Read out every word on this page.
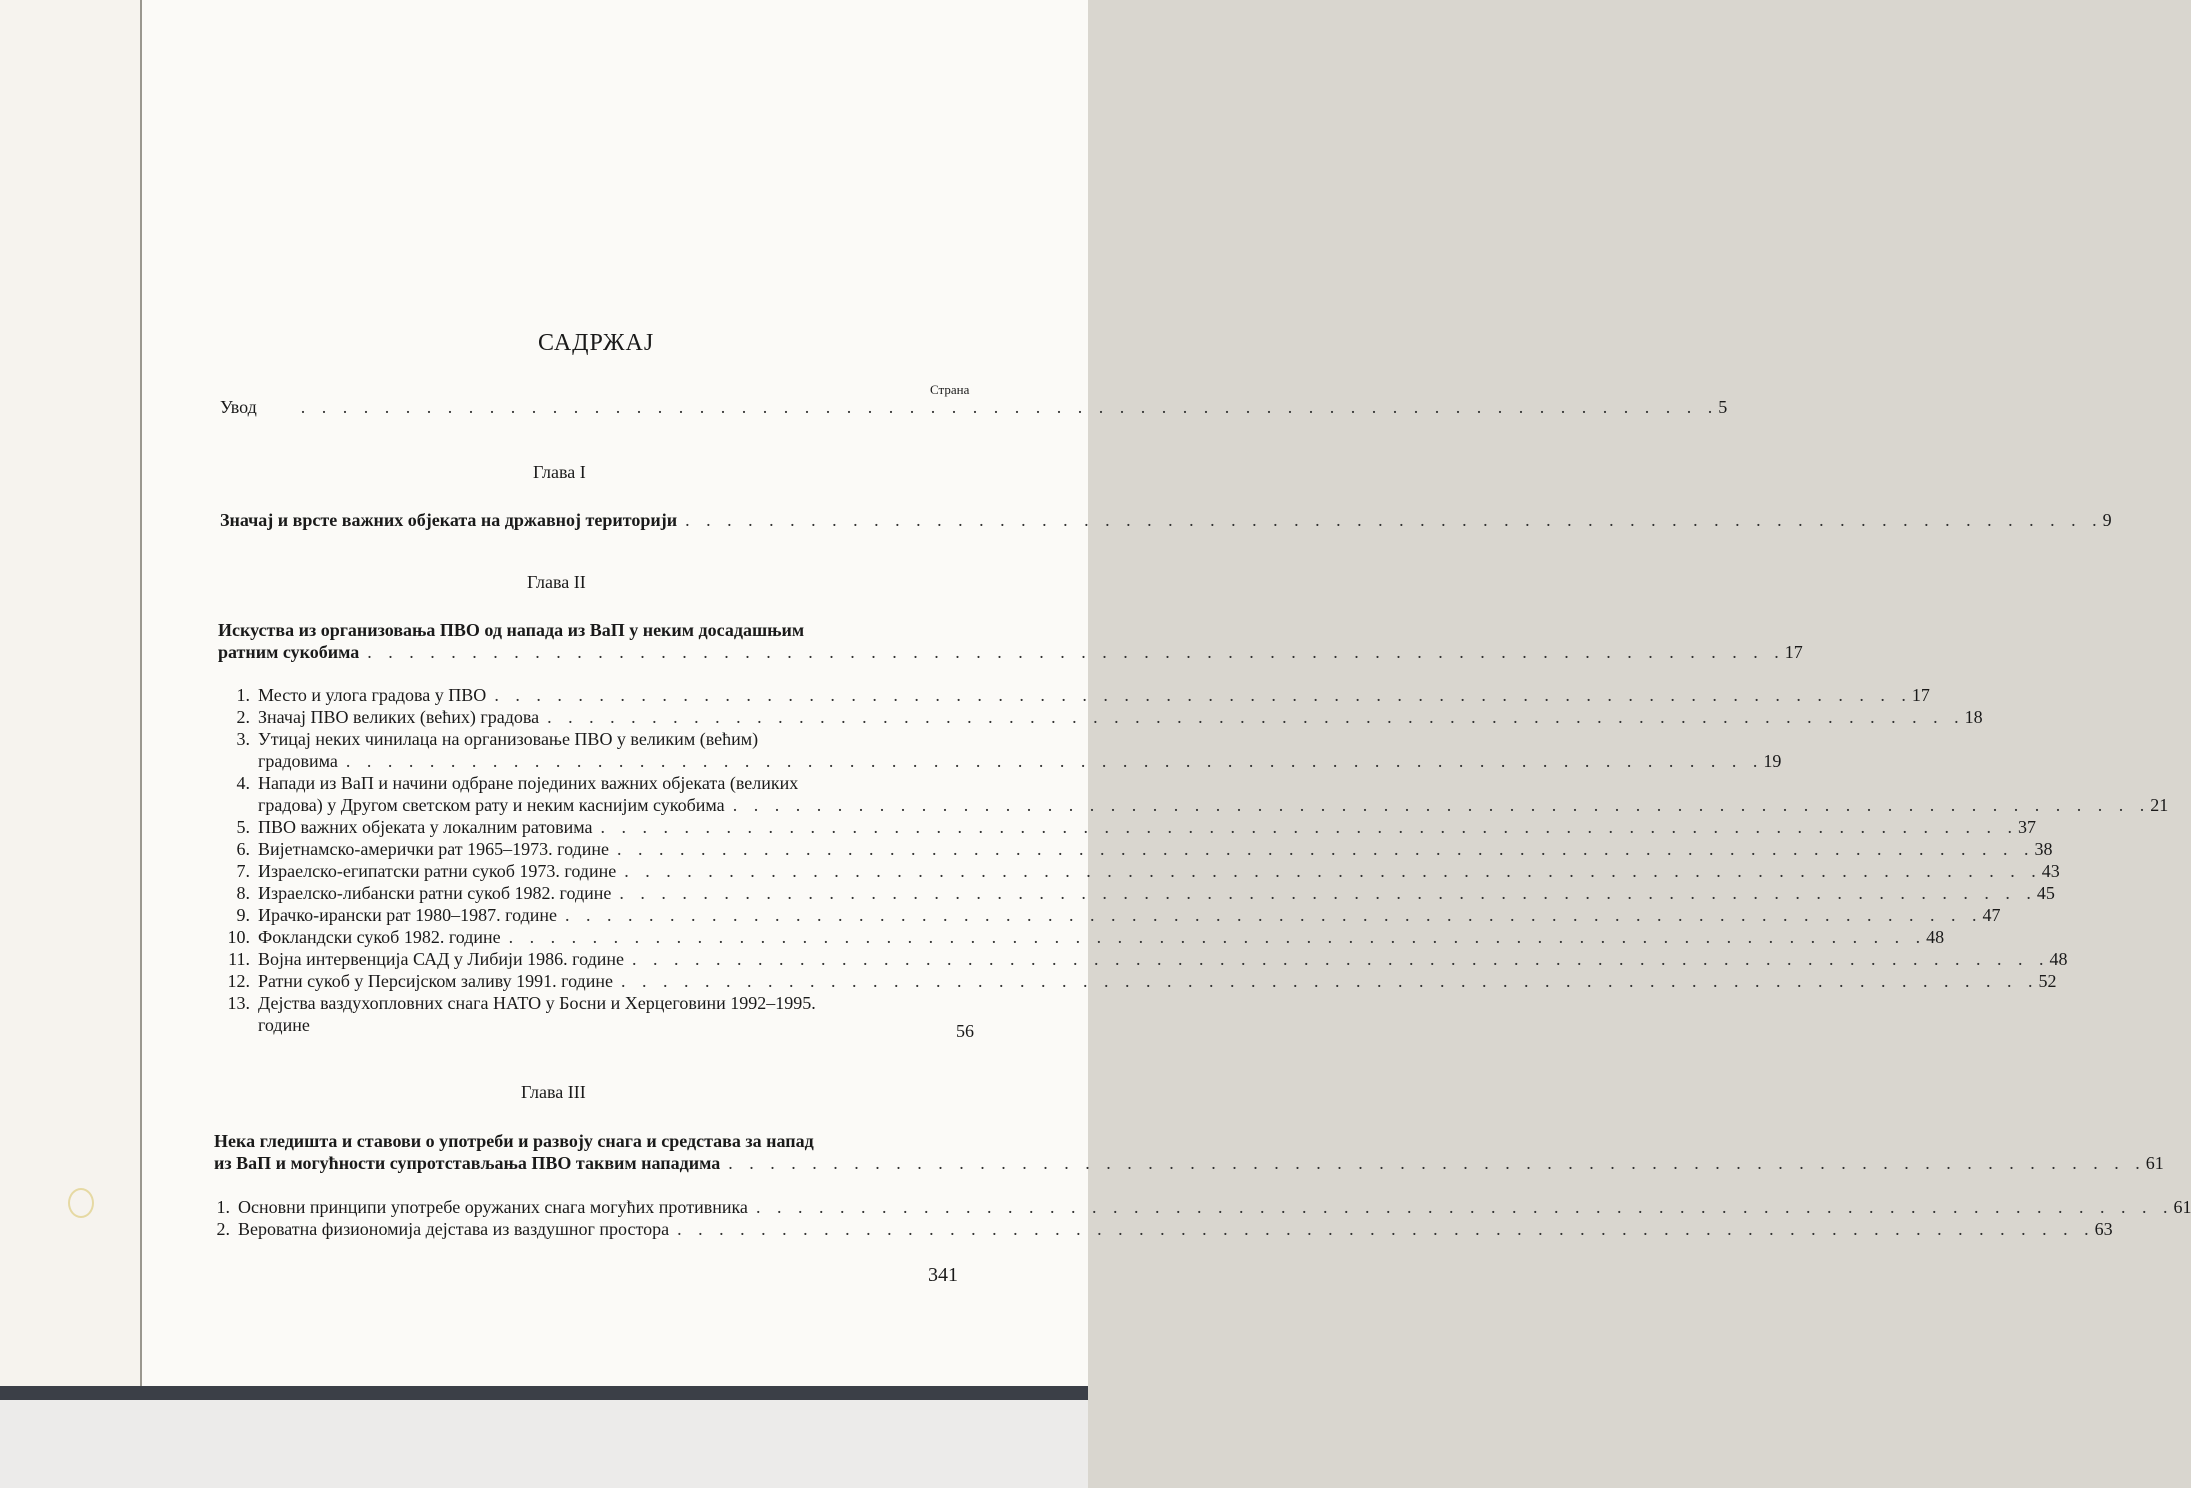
САДРЖАЈ
Страна
Увод . . . . . . . . . . . . . . . . . . . . . . . . . . . . . . . . . . . . . . . . . . . . . . . . . . . . . . . . . . . . . . . . . . . . 5
Глава I
Значај и врсте важних објеката на државној територији . . . . . . . . . . . . . . . . . . . . . . . . . . . . . . . . . . . . . . . . . . . . . . . . . . . . . . . . . . . . . . . . . . . . 9
Глава II
Искуства из организовања ПВО од напада из ВаП у неким досадашњим
ратним сукобима . . . . . . . . . . . . . . . . . . . . . . . . . . . . . . . . . . . . . . . . . . . . . . . . . . . . . . . . . . . . . . . . . . . . 17
1. Место и улога градова у ПВО . . . . . . . . . . . . . . . . . . . . . . . . . . . . . . . . . . . . . . . . . . . . . . . . . . . . . . . . . . . . . . . . . . . . 17
2. Значај ПВО великих (већих) градова . . . . . . . . . . . . . . . . . . . . . . . . . . . . . . . . . . . . . . . . . . . . . . . . . . . . . . . . . . . . . . . . . . . . 18
3. Утицај неких чинилаца на организовање ПВО у великим (већим)
градовима . . . . . . . . . . . . . . . . . . . . . . . . . . . . . . . . . . . . . . . . . . . . . . . . . . . . . . . . . . . . . . . . . . . . 19
4. Напади из ВаП и начини одбране појединих важних објеката (великих
градова) у Другом светском рату и неким каснијим сукобима . . . . . . . . . . . . . . . . . . . . . . . . . . . . . . . . . . . . . . . . . . . . . . . . . . . . . . . . . . . . . . . . . . . . 21
5. ПВО важних објеката у локалним ратовима . . . . . . . . . . . . . . . . . . . . . . . . . . . . . . . . . . . . . . . . . . . . . . . . . . . . . . . . . . . . . . . . . . . . 37
6. Вијетнамско-амерички рат 1965–1973. године . . . . . . . . . . . . . . . . . . . . . . . . . . . . . . . . . . . . . . . . . . . . . . . . . . . . . . . . . . . . . . . . . . . . 38
7. Израелско-египатски ратни сукоб 1973. године . . . . . . . . . . . . . . . . . . . . . . . . . . . . . . . . . . . . . . . . . . . . . . . . . . . . . . . . . . . . . . . . . . . . 43
8. Израелско-либански ратни сукоб 1982. године . . . . . . . . . . . . . . . . . . . . . . . . . . . . . . . . . . . . . . . . . . . . . . . . . . . . . . . . . . . . . . . . . . . . 45
9. Ирачко-ирански рат 1980–1987. године . . . . . . . . . . . . . . . . . . . . . . . . . . . . . . . . . . . . . . . . . . . . . . . . . . . . . . . . . . . . . . . . . . . . 47
10. Фокландски сукоб 1982. године . . . . . . . . . . . . . . . . . . . . . . . . . . . . . . . . . . . . . . . . . . . . . . . . . . . . . . . . . . . . . . . . . . . . 48
11. Војна интервенција САД у Либији 1986. године . . . . . . . . . . . . . . . . . . . . . . . . . . . . . . . . . . . . . . . . . . . . . . . . . . . . . . . . . . . . . . . . . . . . 48
12. Ратни сукоб у Персијском заливу 1991. године . . . . . . . . . . . . . . . . . . . . . . . . . . . . . . . . . . . . . . . . . . . . . . . . . . . . . . . . . . . . . . . . . . . . 52
13. Дејства ваздухопловних снага НАТО у Босни и Херцеговини 1992–1995.
године	56
Глава III
Нека гледишта и ставови о употреби и развоју снага и средстава за напад
из ВаП и могућности супротстављања ПВО таквим нападима . . . . . . . . . . . . . . . . . . . . . . . . . . . . . . . . . . . . . . . . . . . . . . . . . . . . . . . . . . . . . . . . . . . . 61
1. Основни принципи употребе оружаних снага могућих противника . . . . . . . . . . . . . . . . . . . . . . . . . . . . . . . . . . . . . . . . . . . . . . . . . . . . . . . . . . . . . . . . . . . . 61
2. Вероватна физиономија дејстава из ваздушног простора . . . . . . . . . . . . . . . . . . . . . . . . . . . . . . . . . . . . . . . . . . . . . . . . . . . . . . . . . . . . . . . . . . . . 63
341
